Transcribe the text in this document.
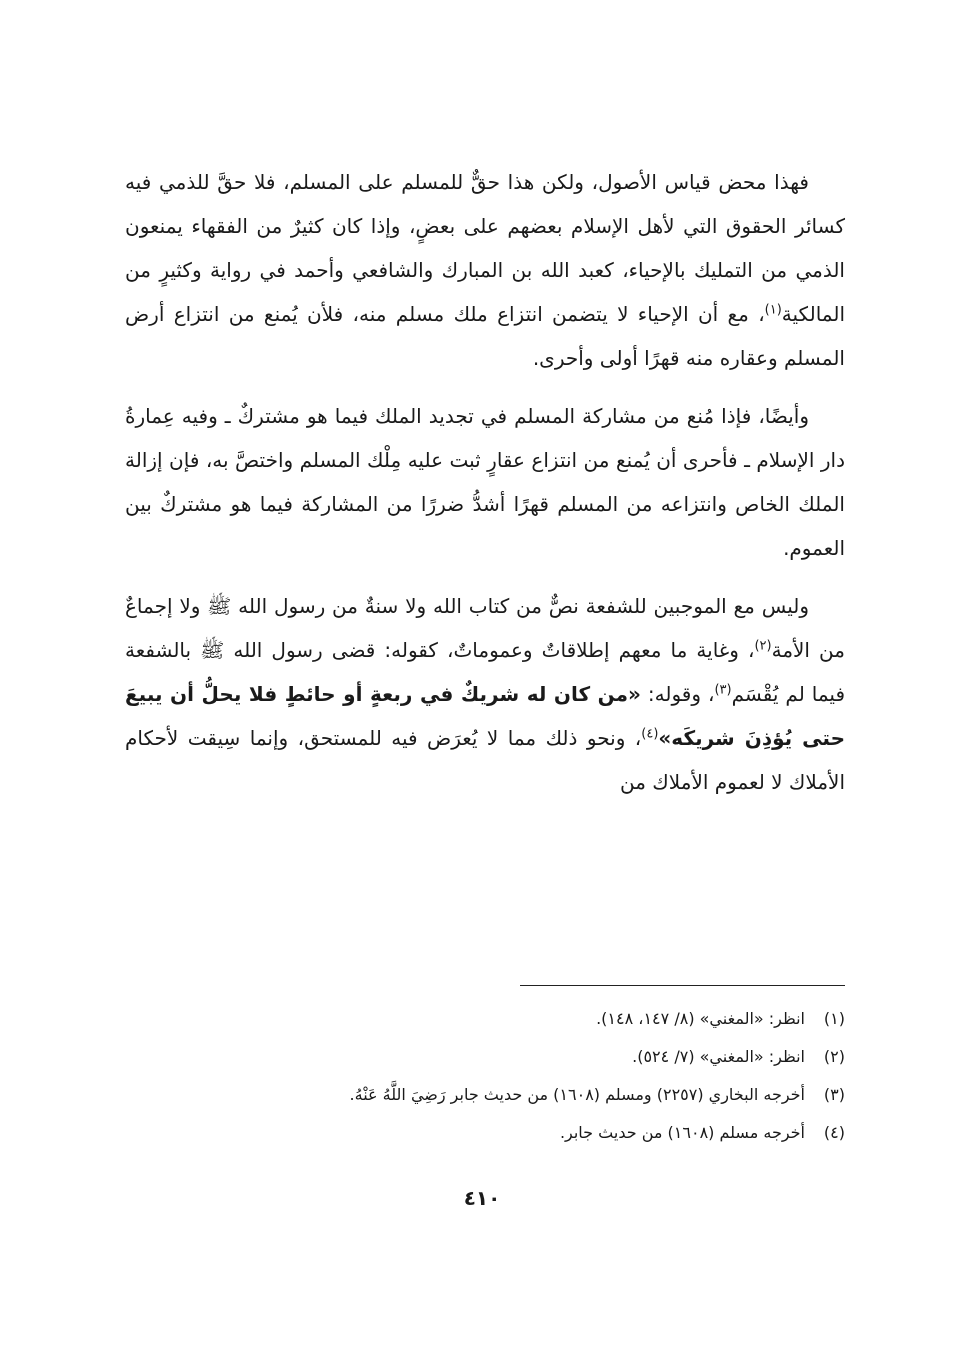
فهذا محض قياس الأصول، ولكن هذا حقٌّ للمسلم على المسلم، فلا حقَّ للذمي فيه كسائر الحقوق التي لأهل الإسلام بعضهم على بعضٍ، وإذا كان كثيرٌ من الفقهاء يمنعون الذمي من التمليك بالإحياء، كعبد الله بن المبارك والشافعي وأحمد في رواية وكثيرٍ من المالكية$^{(١)}$، مع أن الإحياء لا يتضمن انتزاع ملك مسلم منه، فلأن يُمنع من انتزاع أرض المسلم وعقاره منه قهرًا أولى وأحرى.

وأيضًا، فإذا مُنع من مشاركة المسلم في تجديد الملك فيما هو مشتركٌ ـ وفيه عِمارةُ دار الإسلام ـ فأحرى أن يُمنع من انتزاع عقارٍ ثبت عليه مِلْك المسلم واختصَّ به، فإن إزالة الملك الخاص وانتزاعه من المسلم قهرًا أشدُّ ضررًا من المشاركة فيما هو مشتركٌ بين العموم.

وليس مع الموجبين للشفعة نصٌّ من كتاب الله ولا سنةٌ من رسول الله ﷺ ولا إجماعٌ من الأمة$^{(٢)}$، وغاية ما معهم إطلاقاتٌ وعموماتٌ، كقوله: قضى رسول الله ﷺ بالشفعة فيما لم يُقْسَم$^{(٣)}$، وقوله: «من كان له شريكٌ في ربعةٍ أو حائطٍ فلا يحلُّ أن يبيعَ حتى يُؤذِنَ شريكَه»$^{(٤)}$، ونحو ذلك مما لا يُعرَض فيه للمستحق، وإنما سِيقت لأحكام الأملاك لا لعموم الأملاك من

(١)
انظر: «المغني» (٨/ ١٤٧، ١٤٨).
(٢)
انظر: «المغني» (٧/ ٥٢٤).
(٣)
أخرجه البخاري (٢٢٥٧) ومسلم (١٦٠٨) من حديث جابر رَضِيَ اللَّهُ عَنْهُ.
(٤)
أخرجه مسلم (١٦٠٨) من حديث جابر.
٤١٠
